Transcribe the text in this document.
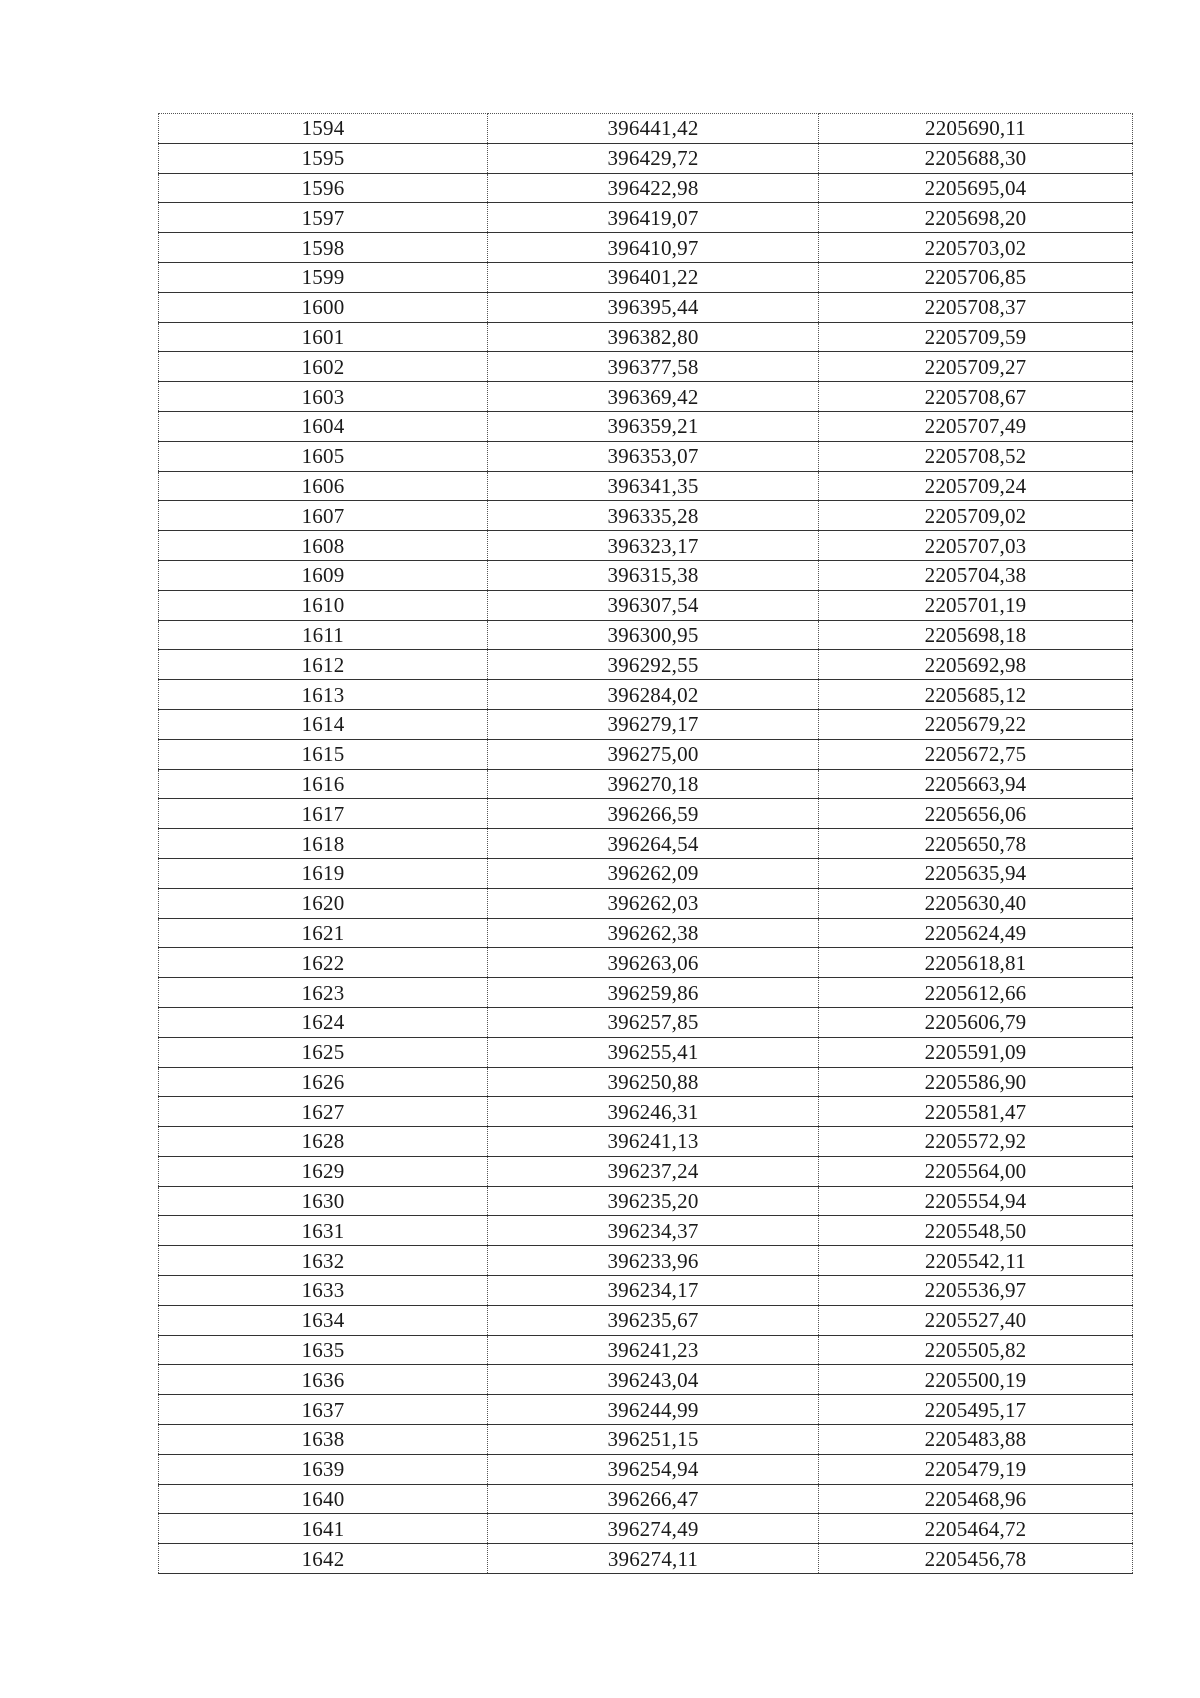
1594	396441,42	2205690,11
1595	396429,72	2205688,30
1596	396422,98	2205695,04
1597	396419,07	2205698,20
1598	396410,97	2205703,02
1599	396401,22	2205706,85
1600	396395,44	2205708,37
1601	396382,80	2205709,59
1602	396377,58	2205709,27
1603	396369,42	2205708,67
1604	396359,21	2205707,49
1605	396353,07	2205708,52
1606	396341,35	2205709,24
1607	396335,28	2205709,02
1608	396323,17	2205707,03
1609	396315,38	2205704,38
1610	396307,54	2205701,19
1611	396300,95	2205698,18
1612	396292,55	2205692,98
1613	396284,02	2205685,12
1614	396279,17	2205679,22
1615	396275,00	2205672,75
1616	396270,18	2205663,94
1617	396266,59	2205656,06
1618	396264,54	2205650,78
1619	396262,09	2205635,94
1620	396262,03	2205630,40
1621	396262,38	2205624,49
1622	396263,06	2205618,81
1623	396259,86	2205612,66
1624	396257,85	2205606,79
1625	396255,41	2205591,09
1626	396250,88	2205586,90
1627	396246,31	2205581,47
1628	396241,13	2205572,92
1629	396237,24	2205564,00
1630	396235,20	2205554,94
1631	396234,37	2205548,50
1632	396233,96	2205542,11
1633	396234,17	2205536,97
1634	396235,67	2205527,40
1635	396241,23	2205505,82
1636	396243,04	2205500,19
1637	396244,99	2205495,17
1638	396251,15	2205483,88
1639	396254,94	2205479,19
1640	396266,47	2205468,96
1641	396274,49	2205464,72
1642	396274,11	2205456,78
